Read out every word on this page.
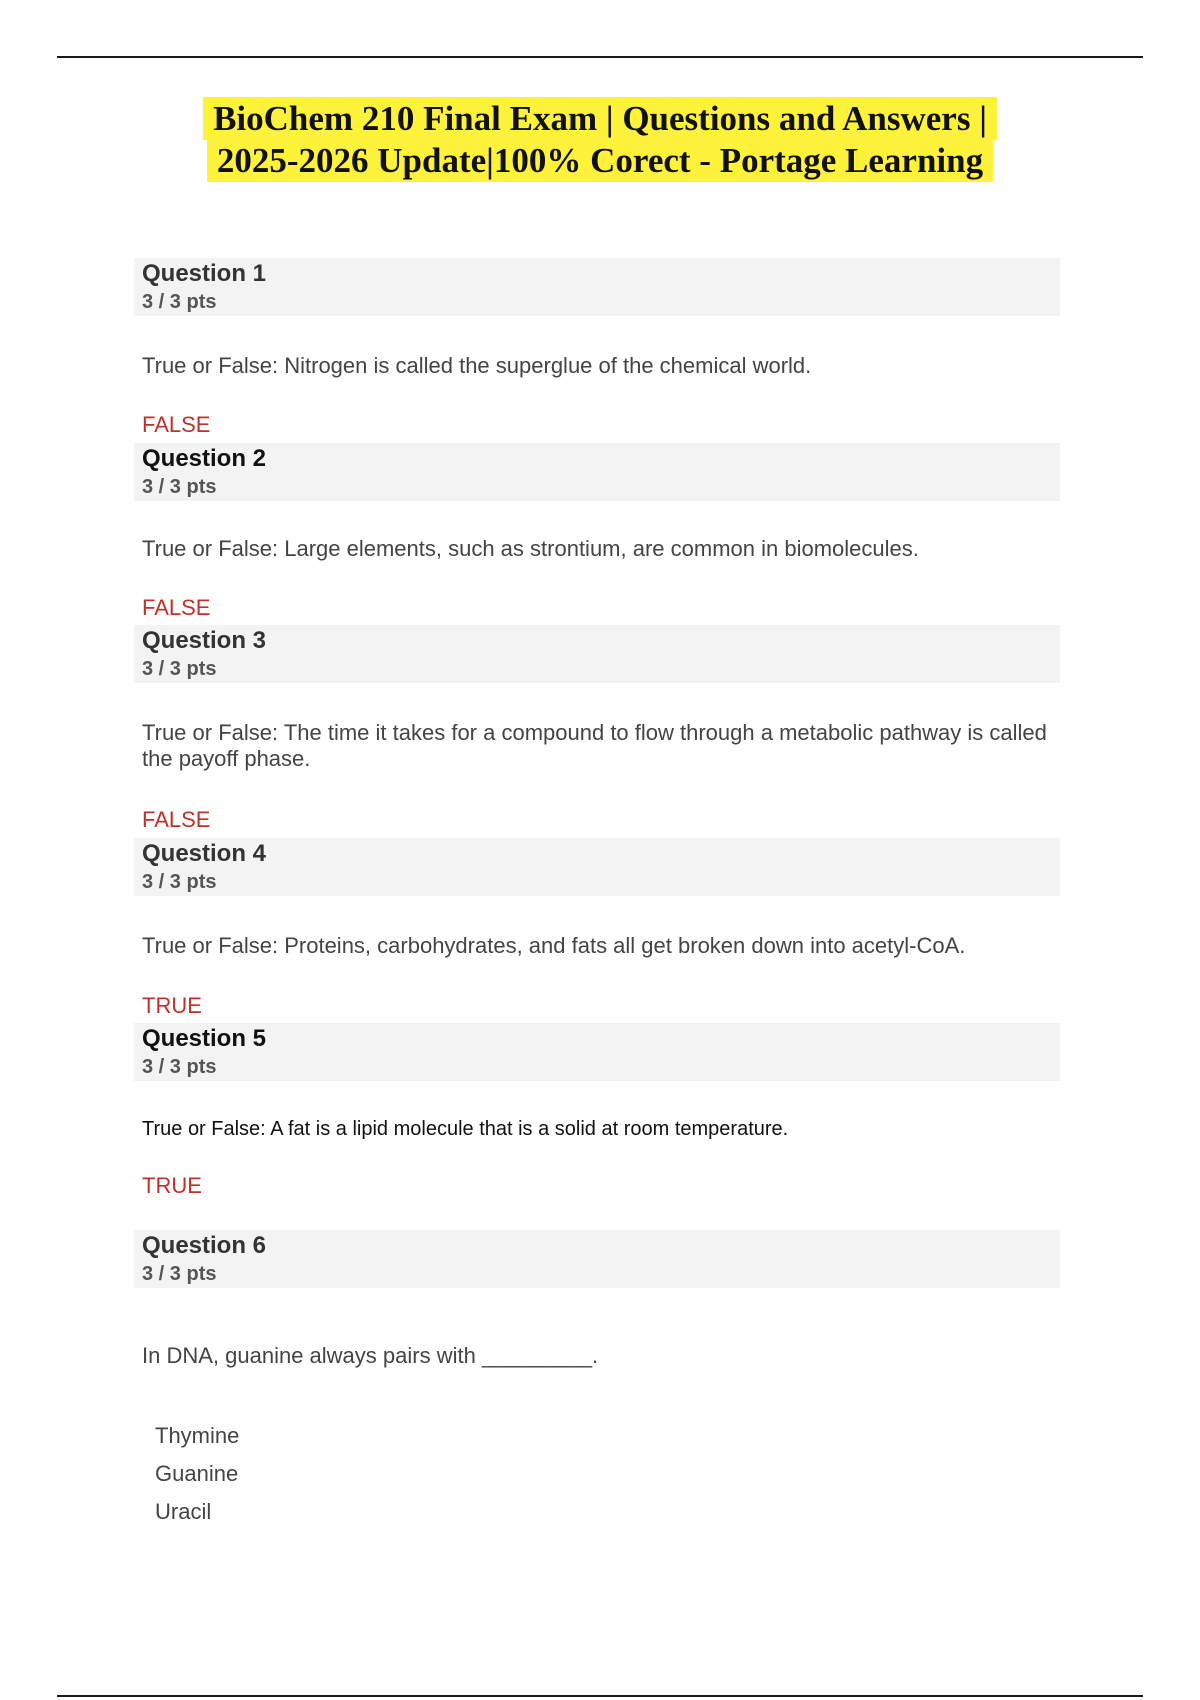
BioChem 210 Final Exam | Questions and Answers |
2025-2026 Update|100% Corect - Portage Learning
Question 1
3 / 3 pts
True or False: Nitrogen is called the superglue of the chemical world.
FALSE
Question 2
3 / 3 pts
True or False: Large elements, such as strontium, are common in biomolecules.
FALSE
Question 3
3 / 3 pts
True or False: The time it takes for a compound to flow through a metabolic pathway is called the payoff phase.
FALSE
Question 4
3 / 3 pts
True or False: Proteins, carbohydrates, and fats all get broken down into acetyl-CoA.
TRUE
Question 5
3 / 3 pts
True or False: A fat is a lipid molecule that is a solid at room temperature.
TRUE
Question 6
3 / 3 pts
In DNA, guanine always pairs with _________.
Thymine
Guanine
Uracil
